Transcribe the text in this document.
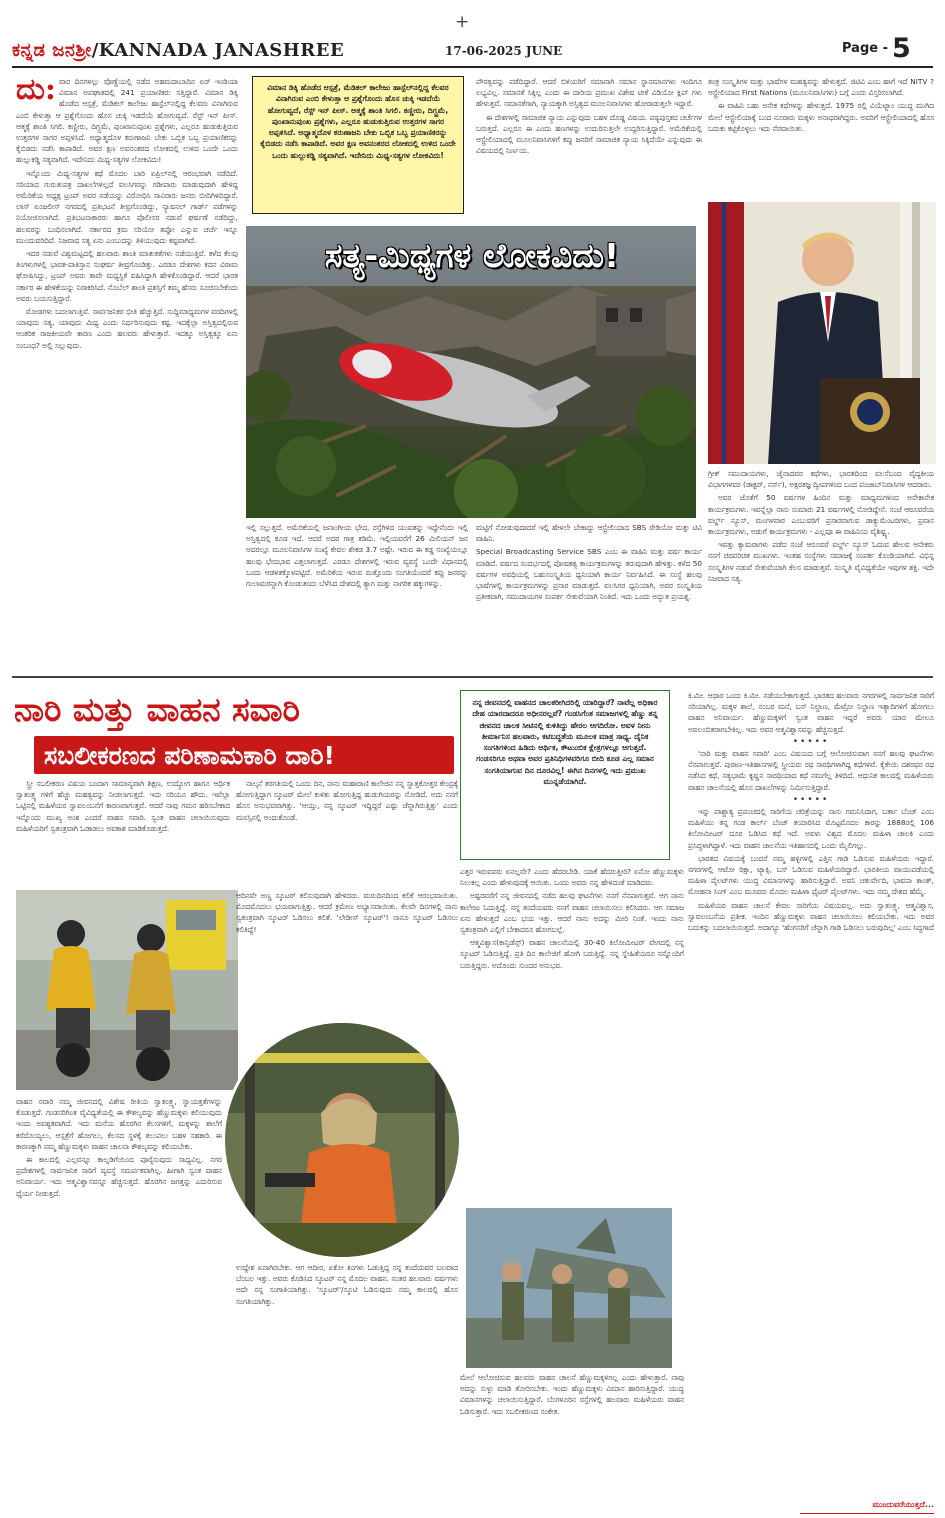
+
ಕನ್ನಡ ಜನಶ್ರೀ/KANNADA JANASHREE	17-06-2025 JUNE	Page - 5
ದು: ವಾರ ದಿನಗಳಲ್ಲು ವೊಣ್ಣೆಯಲ್ಲಿ ನಡೆದ ಅಹಮದಾಬಾದಿನ ಏರ್ ಇಂಡಿಯಾ ವಿಮಾನ ಅಪಘಾತದಲ್ಲಿ 241 ಪ್ರಯಾಣಿಕರು ಸತ್ತಿದ್ದಾರೆ. ವಿಮಾನ ಡಿಕ್ಕಿ ಹೊಡೆದ ಆಸ್ಪತ್ರೆ, ಮೆಡಿಕಲ್ ಕಾಲೇಜು ಹಾಸ್ಟೆಲ್‌ನಲ್ಲಿದ್ದ ಕೆಲವರು ವಿನಾಗಿರುವ ಎಂಬಿ ಕೇಳುತ್ತಾ ಆ ಪ್ರಶ್ನೆಗೊಂದು ಹೊಸ ಚುಕ್ಕಿ ಇಡದೆಯೆ ಹೋಗುವ್ವದೆ. ರೆಸ್ಟ್ ಇನ್ ಪೀಸ್. ಆತ್ಮಕ್ಕೆ ಶಾಂತಿ ಸಿಗಲಿ. ಕಣ್ಣೀರು, ದಿಗ್ಭ್ರಮೆ, ಪುಂಖಾನುಪುಂಖ ಪ್ರಶ್ನೆಗಳು, ಎಲ್ಲರೂ ಹುಡುಕುತ್ತಿರುವ ಉತ್ತರಗಳ ಸಾಗರ ಅಪ್ಪಳಿಸಿದೆ. ಅಧ್ಯಾತ್ಮದೊಳ ಕರುಣಾಜನಿ ಬೇಕು ಒಬ್ಬಿಕ ಒಬ್ಬ ಪ್ರಯಾಣಿಕರನ್ನು ಕೈಬಿಡದು ನಡೆಸಿ ಕಾಪಾಡಿದೆ. ಅವರ ಕ್ಷಣ ಅವನಂತರದ ಲೋಕದಲ್ಲಿ ಉಳಿದ ಒಂದೇ ಒಂದು ಹುಲ್ಲುಕಡ್ಡಿ ಸತ್ಯವಾಗಿದೆ. ಇದೇನಿದು ಮಿಥ್ಯ-ಸತ್ಯಗಳ ಲೋಕವಿದು!

ಇನ್ನೊಂದು ಮಿಥ್ಯ-ಸತ್ಯಗಳ ಕಥೆ ಮೊದಲ ಬಾರಿ ಏಪ್ರಿಲ್‌ನಲ್ಲಿ ಆರಂಭವಾಗಿ ನಡೆದಿದೆ. ಸರಿಯಾದ ಗುರುತುಪತ್ರ ದಾಖಲೆಗಳಿಲ್ಲದೆ ವಲಸಿಗರನ್ನು ಗಡೀಪಾರು ಮಾಡುವುದಾಗಿ ಹೇಳಿದ್ದ ಅಮೆರಿಕೆಯ ಅಧ್ಯಕ್ಷ ಟ್ರಂಪ್ ಅವರ ನಡೆಯನ್ನು ವಿರೋಧಿಸಿ ಸಾವಿರಾರು ಜನರು ಬೀದಿಗಿಳಿದಿದ್ದಾರೆ. ಲಾಸ್ ಏಂಜಲೀಸ್ ನಗರದಲ್ಲಿ ಪ್ರತಿಭಟನೆ ತೀವ್ರಗೊಂಡಿದ್ದು, ನ್ಯಾಷನಲ್ ಗಾರ್ಡ್ ಪಡೆಗಳನ್ನು ನಿಯೋಜಿಸಲಾಗಿದೆ. ಪ್ರತಿಭಟನಾಕಾರರು ಹಾಗೂ ಪೊಲೀಸರ ನಡುವೆ ಘರ್ಷಣೆ ನಡೆದಿದ್ದು, ಹಲವರನ್ನು ಬಂಧಿಸಲಾಗಿದೆ. ಸರ್ಕಾರದ ಕ್ರಮ ಸರಿಯೋ ತಪ್ಪೋ ಎನ್ನುವ ಚರ್ಚೆ ಇನ್ನೂ ಮುಂದುವರಿದಿದೆ. ನಿಜವಾದ ಸತ್ಯ ಏನು ಎಂಬುದನ್ನು ತಿಳಿಯುವುದು ಕಷ್ಟವಾಗಿದೆ.

ಇದರ ನಡುವೆ ವಿಶ್ವಮಟ್ಟದಲ್ಲಿ ಹಲವಾರು ಶಾಂತಿ ಮಾತುಕತೆಗಳು ನಡೆಯುತ್ತಿವೆ. ಕಳೆದ ಕೆಲವು ತಿಂಗಳುಗಳಲ್ಲಿ ಭಾರತ-ಪಾಕಿಸ್ತಾನ ಸಂಘರ್ಷ ತೀವ್ರಗೊಂಡಿತ್ತು. ಎರಡೂ ದೇಶಗಳು ಕದನ ವಿರಾಮ ಘೋಷಿಸಿದ್ದು, ಟ್ರಂಪ್ ಅವರು ತಾವೇ ಮಧ್ಯಸ್ಥಿಕೆ ವಹಿಸಿದ್ದಾಗಿ ಹೇಳಿಕೊಂಡಿದ್ದಾರೆ. ಆದರೆ ಭಾರತ ಸರ್ಕಾರ ಈ ಹೇಳಿಕೆಯನ್ನು ನಿರಾಕರಿಸಿದೆ. ನೊಬೆಲ್ ಶಾಂತಿ ಪ್ರಶಸ್ತಿಗೆ ತಮ್ಮ ಹೆಸರು ಸೂಚಿಸಬೇಕೆಂದು ಅವರು ಬಯಸುತ್ತಿದ್ದಾರೆ.

ಮೋಡಗಳು ಬದಲಾಗುತ್ತಿವೆ. ಸಾರ್ವಜನಿಕರ ಭೀತಿ ಹೆಚ್ಚುತ್ತಿದೆ. ಸುದ್ದಿಮಾಧ್ಯಮಗಳ ವರದಿಗಳಲ್ಲಿ ಯಾವುದು ಸತ್ಯ, ಯಾವುದು ಮಿಥ್ಯ ಎಂದು ನಿರ್ಧರಿಸುವುದು ಕಷ್ಟ. ಇದಕ್ಕೆಲ್ಲಾ ಅಸ್ತಿತ್ವದಲ್ಲಿರುವ ಆಂತರಿಕ ರಾಜಕೀಯವೇ ಕಾರಣ ಎಂದು ಹಲವರು ಹೇಳುತ್ತಾರೆ. ಇದಕ್ಕೂ ಅಸ್ತಿತ್ವಕ್ಕೂ ಏನು ಸಂಬಂಧ? ಅಲ್ಲಿ ಸಲ್ಲುವುದು.

ವಿಮಾನ ಡಿಕ್ಕಿ ಹೊಡೆದ ಆಸ್ಪತ್ರೆ, ಮೆಡಿಕಲ್ ಕಾಲೇಜು ಹಾಸ್ಟೆಲ್‌ನಲ್ಲಿದ್ದ ಕೆಲವರ ವಿನಾಗಿರುವ ಎಂಬಿ ಕೇಳುತ್ತಾ ಆ ಪ್ರಶ್ನೆಗೊಂದು ಹೊಸ ಚುಕ್ಕಿ ಇಡದೆಯೆ ಹೋಗುವ್ವದೆ, ರೆಸ್ಟ್ ಇನ್ ಪೀಸ್. ಆತ್ಮಕ್ಕೆ ಶಾಂತಿ ಸಿಗಲಿ. ಕಣ್ಣೀರು, ದಿಗ್ಭ್ರಮೆ, ಪುಂಖಾನುಪುಂಖ ಪ್ರಶ್ನೆಗಳು, ಎಲ್ಲರೂ ಹುಡುಕುತ್ತಿರುವ ಉತ್ತರಗಳ ಸಾಗರ ಅಪ್ಪಳಿಸಿದೆ. ಅಧ್ಯಾತ್ಮದೊಳ ಕರುಣಾಜನಿ ಬೇಕು ಒಬ್ಬಿಕ ಒಬ್ಬ ಪ್ರಯಾಣಿಕರನ್ನು ಕೈಬಿಡದು ನಡೆಸಿ ಕಾಪಾಡಿದೆ. ಅವರ ಕ್ಷಣ ಅವನಂತರದ ಲೋಕದಲ್ಲಿ ಉಳಿದ ಒಂದೇ ಒಂದು ಹುಲ್ಲುಕಡ್ಡಿ ಸತ್ಯವಾಗಿದೆ. ಇದೇನಿದು ಮಿಥ್ಯ-ಸತ್ಯಗಳ ಲೋಕವಿದು!

ಪೌರತ್ವವನ್ನು ಪಡೆದಿದ್ದಾರೆ. ಆದರೆ ಬಿಳಿಯರಿಗೆ ಸಮಾನಾಗಿ ಸಮಾನ ಸ್ಥಾನಮಾನಗಳು ಇಂದಿಗೂ ಲಭ್ಯವಿಲ್ಲ. ಸಮಾನತೆ ಸಿಕ್ಕಿಲ್ಲ ಎಂದು ಈ ದಾರಿಯ ಪ್ರಮುಖ ವಿಶೇಷ ಟೀಕೆ ವಿಡಿಯೋ ಕ್ಲಿಪ್ ಗಳು ಹೇಳುತ್ತವೆ. ಸಮಾನತೆಗಾಗಿ, ನ್ಯಾಯಕ್ಕಾಗಿ ಅಸ್ತಿತ್ವದ ಮೂಲನಿವಾಸಿಗಳು ಹೋರಾಡುತ್ತಲೇ ಇದ್ದಾರೆ.

ಈ ದೇಶಗಳಲ್ಲಿ ಸಾಮಾಜಿಕ ನ್ಯಾಯ ಎನ್ನುವುದು ಬಹಳ ದೊಡ್ಡ ವಿಷಯ. ಪಠ್ಯಪುಸ್ತಕದ ಚರ್ಚೆಗಳ ಬರುತ್ತದೆ. ಎಲ್ಲರೂ ಈ ಎಂದು ಹಣಗಳನ್ನು ಉದುರಿಸುತ್ತಲೇ ಉದ್ದರಿಸುತ್ತಿದ್ದಾರೆ. ಅಮೆರಿಕೆಯಲ್ಲಿ ಆಸ್ಟ್ರೇಲಿಯಾದಲ್ಲಿ ಮೂಲನಿವಾಸಿಗಳಿಗೆ ಕಪ್ಪು ಜನರಿಗೆ ಸಾಮಾಜಿಕ ನ್ಯಾಯ ಸಿಕ್ಕಿದೆಯೇ ಎನ್ನುವುದು ಈ ವಿಷಯದಲ್ಲಿ ನಿರ್ಣಯ.

ತಂತ್ರ ಸಂಸ್ಕೃತಿಗಳ ಮತ್ತು ಭಾಷೆಗಳ ಮಹತ್ವವನ್ನು ಹೇಳುತ್ತದೆ. ಜಿಟಿವಿ ಎಂಬ ಹಾಗೆ ಇದೆ NITV ? ಆಸ್ಟ್ರೇಲಿಯಾದ First Nations (ಮೂಲನಿವಾಸಿಗಳು) ಬಗ್ಗೆ ಎಂದು ವಿಸ್ತರಿಸಲಾಗಿದೆ.

ಈ ವಾಹಿನಿ ಬಹು ಅನೇಕ ಕಥೆಗಳನ್ನು ಹೇಳುತ್ತದೆ. 1975 ರಲ್ಲಿ ವಿಯೆಟ್ನಾಂ ಯುದ್ಧ ಮುಗಿದ ಮೇಲೆ ಆಸ್ಟ್ರೇಲಿಯಾಕ್ಕೆ ಬಂದ ನೂರಾರು ಮಕ್ಕಳು ಅನಾಥರಾಗಿದ್ದರು. ಅವರಿಗೆ ಆಸ್ಟ್ರೇಲಿಯಾದಲ್ಲಿ ಹೊಸ ಬದುಕು ಕಟ್ಟಿಕೊಳ್ಳಲು ಇದು ನೆರವಾಯಿತು.

ಸತ್ಯ-ಮಿಥ್ಯಗಳ ಲೋಕವಿದು!

ಗ್ರೀಕ್ ಸಮುದಾಯಗಳು, ಚೈನಾದವರ ಕಥೆಗಳು, ಭಾರತದಿಂದ ವಲಸೆಬಂದ ವೈದ್ಯಕೀಯ ವಿಭಾಗಗಳವರ (ಡಾಕ್ಟರ್, ನರ್ಸ್), ಅಕ್ಷರತಜ್ಞ ದ್ವೀಪಗಳಿಂದ ಬಂದ ಪಂಜಾಬ್‌ನಿವಾಸಿಗಳ ಆದರಾರು.

ಅವರ ಜೊತೆಗೆ 50 ವರ್ಷಗಳ ಹಿಂದಿನ ಮತ್ತು ಮಾಧ್ಯಮಗಳಿಂದ ಅನೇಕಾನೇಕ ಕಾರ್ಯಕ್ರಮಗಳು. ಇವನ್ನೆಲ್ಲಾ ನಾನು ಸುಮಾರು 21 ವರ್ಷಗಳಲ್ಲಿ ನೋಡಿದ್ದೇನೆ. ಸಂಜೆ ಆರೂವರೆಯ ವರ್ಲ್ಡ್ ನ್ಯೂಸ್, ಮಂಗಳವಾರ ಎಂಬುವರಿಗೆ ಪ್ರಸಾರವಾಗುವ ಡಾಕ್ಯುಮೆಂಟರಿಗಳು, ಪ್ರವಾಸ ಕಾರ್ಯಕ್ರಮಗಳು, ಅಡುಗೆ ಕಾರ್ಯಕ್ರಮಗಳು - ಎಲ್ಲವೂ ಈ ವಾಹಿನಿಯ ವೈಶಿಷ್ಟ್ಯ.

ಇವತ್ತು ಕ್ಯಾಮರಾಗಳು ಪಡೆದ ಸಂಜೆ ಆರೂವರೆ ವರ್ಲ್ಡ್ ನ್ಯೂಸ್ ಓದುವ ಹೇಲವ ಆನೇಕರು ನನಗೆ ಚಿರಪರಿಚಿತ ಮುಖಗಳು. ಇಂತಹ ಸಂಸ್ಥೆಗಳು ಸಮಾಜಕ್ಕೆ ಸಂಪರ್ಕ ಕೊಂಡಿಯಾಗಿವೆ. ವಿಭಿನ್ನ ಸಂಸ್ಕೃತಿಗಳ ನಡುವೆ ಸೇತುವೆಯಾಗಿ ಕೆಲಸ ಮಾಡುತ್ತವೆ. ಸಂಸ್ಕೃತಿ ವೈವಿಧ್ಯತೆಯೇ ಇವುಗಳ ಶಕ್ತಿ. ಇದೇ ನಿಜವಾದ ಸತ್ಯ.

ಇಲ್ಲಿ ಸಲ್ಲುತ್ತದೆ. ಅಮೆರಿಕೆಯಲ್ಲಿ ಜನಾಂಗೀಯ ಭೇದ, ರಸ್ತೆಗಿಳಿದ ಯುವತನ್ನು ಇದ್ದೇನೆಂದು ಇಲ್ಲಿ ಅಸ್ತಿತ್ವದಲ್ಲಿ ಕೂಡ ಇದೆ. ಆದರೆ ಅದರ ಗಾತ್ರ ಕಡಿಮೆ. ಇಲ್ಲಿಯವರೆಗೆ 26 ಮಿಲಿಯನ್ ಜನ ಅದರಲ್ಲೂ ಮೂಲನಿವಾಸಿಗಳ ಸಂಖ್ಯೆ ಕೇವಲ ಶೇಕಡ 3.7 ಅಷ್ಟೇ. ಇರುವ ಈ ಕಡ್ಡ ಸಂಖ್ಯೆಯಲ್ಲೂ ಹಲವು ಭೇದಭಾವ ಎತ್ತಲಾಗುತ್ತದೆ. ಎರಡೂ ದೇಶಗಳಲ್ಲಿ ಇರುವ ವ್ಯವಸ್ಥೆ ಒಂದೇ ವಿಧಾನದಲ್ಲಿ ಬಂದು ಆಡಳಿತಕ್ಕೊಳಪಟ್ಟಿದೆ. ಅಮೆರಿಕೆಯ ಇರುವ ಮತ್ತೊಂದು ಸಂಗತಿಯೆಂದರೆ ಕಪ್ಪು ಜನರನ್ನು ಗುಲಾಮರನ್ನಾಗಿ ಕೊಂಡುತಂದು ಬೆಳೆಸಿದ ದೇಶದಲ್ಲಿ ತ್ಯಾಗ ಮತ್ತು ನಾಗರಿಕ ಹಕ್ಕುಗಳನ್ನು.

ಮಟ್ಟಿಗೆ ನೋಡುವುದಾದರೆ ಇಲ್ಲಿ ಹೇಳಲೇ ಬೇಕಾದ್ದು ಆಸ್ಟ್ರೇಲಿಯಾದ SBS ರೇಡಿಯೋ ಮತ್ತು ಟಿವಿ ವಾಹಿನಿ.

Special Broadcasting Service SBS ಎಂಬ ಈ ವಾಹಿನಿ ಮತ್ತು ವರ್ಷ ಕಾರ್ಯ ಮಾಡಿದೆ. ವರ್ಷದ ಸಂದರ್ಭದಲ್ಲಿ ಪೋಷಕತ್ವ ಕಾರ್ಯಕ್ರಮಗಳನ್ನು ತರುವುದಾಗಿ ಹೇಳಿತ್ತು. ಕಳೆದ 50 ವರ್ಷಗಳ ಅವಧಿಯಲ್ಲಿ ಬಹುಸಂಸ್ಕೃತಿಯ ಧ್ವನಿಯಾಗಿ ಕಾರ್ಯ ನಿರ್ವಹಿಸಿದೆ. ಈ ಸಂಸ್ಥೆ ಹಲವು ಭಾಷೆಗಳಲ್ಲಿ ಕಾರ್ಯಕ್ರಮಗಳನ್ನು ಪ್ರಸಾರ ಮಾಡುತ್ತದೆ. ವಲಸಿಗರ ಧ್ವನಿಯಾಗಿ, ಅವರ ಸಂಸ್ಕೃತಿಯ ಪ್ರತೀಕವಾಗಿ, ಸಮುದಾಯಗಳ ಸಂಪರ್ಕ ಸೇತುವೆಯಾಗಿ ನಿಂತಿದೆ. ಇದು ಒಂದು ಅದ್ಭುತ ಪ್ರಯತ್ನ.

ನಾರಿ ಮತ್ತು ವಾಹನ ಸವಾರಿ
ಸಬಲೀಕರಣದ ಪರಿಣಾಮಕಾರಿ ದಾರಿ!
ನನ್ನ ಜೀವನದಲ್ಲಿ ವಾಹನದ ಚಾಲಕರೀಗಿದರಿಲ್ಲಿ ಯಾರಿದ್ದಾರೆ? ನಾವೆಲ್ಲ ಅಧಿಕಾರ ದೇಹ ಯಾರದಾದರೂ ಅಧೀನರಲ್ಲವೆ? ಗಂಡಸಿಗೆಂತ ಸಮಾಜಗಳಲ್ಲಿ ಹೆಣ್ಣು ತನ್ನ ಜೀವನದ ಚಾಲಕ ಸೀಟಿನಲ್ಲಿ ಕುಳಿತಿದ್ದು ಹೇರಲ ಆಗದಿರೋ. ಅವಳ ನೀನು ತೀರ್ಮಾನಿಸ ಹಲವಾರು, ಕಟಿಬದ್ಧತೆಯ ಮೂಲಕ ಮಾತ್ರ ಸಾಧ್ಯ. ದೈನಿಕ ಸಂಗತಿಗಳಿಂದ ಹಿಡಿದು ಆರ್ಥಿಕ, ಕೌಟುಂಬಿಕ ಕ್ಷೇತ್ರಗಳಲ್ಲೂ ಆಗುತ್ತದೆ. ಗಂಡಸರಿಗೂ ಅಥವಾ ಅವರ ಪ್ರತಿನಿಧಿಗಳವರಿಗೂ ಬೀದಿ ಕೂಡ ಎಲ್ಲ ಸಮಾನ ಸಂಗತಿಯಾಗುವ ದಿನ ದೂರವಿಲ್ಲ! ಈಗಿನ ದಿನಗಳಲ್ಲಿ ಇದು ಪ್ರಮುಖ ಮುನ್ನಡೆಯಾಗಿದೆ.

ಸ್ತ್ರೀ ಸಬಲೀಕರಣ ವಿಷಯ ಬಂದಾಗ ಸಾಮಾನ್ಯವಾಗಿ ಶಿಕ್ಷಣ, ಉದ್ಯೋಗ ಹಾಗೂ ಆರ್ಥಿಕ ಸ್ವಾತಂತ್ರ್ಯ ಗಳಿಗೆ ಹೆಚ್ಚು ಮಹತ್ವವನ್ನು ನೀಡಲಾಗುತ್ತದೆ. ಇದು ಸರಿಯೂ ಹೌದು. ಇವೆಲ್ಲಾ ಒಟ್ಟಿನಲ್ಲಿ ಮಹಿಳೆಯರ ಸ್ವಾವಲಂಬನೆಗೆ ಕಾರಣವಾಗುತ್ತವೆ. ಆದರೆ ನಾವು ಗಮನ ಹರಿಸಬೇಕಾದ ಇನ್ನೊಂದು ಮುಖ್ಯ ಅಂಶ ಎಂದರೆ ವಾಹನ ಸವಾರಿ. ಸ್ವಂತ ವಾಹನ ಚಲಾಯಿಸುವುದು ಮಹಿಳೆಯರಿಗೆ ಸ್ವತಂತ್ರವಾಗಿ ಓಡಾಡಲು ಅವಕಾಶ ಮಾಡಿಕೊಡುತ್ತದೆ.

ನಾಲ್ಕನೆ ತರಗತಿಯಲ್ಲಿ ಒಂದು ದಿನ, ನಾನು ಮಹಾರಾಣಿ ಕಾಲೇಜಿನ ನನ್ನ ಸ್ನಾತ್ತಕೋತ್ತರ ಕೇಂದ್ರಕ್ಕೆ ಹೋಗುತ್ತಿದ್ದಾಗ ಸ್ಕೂಟರ್ ಮೇಲೆ ಕುಳಿತು ಹೋಗುತ್ತಿದ್ದ ಹುಡುಗಿಯರನ್ನು ನೋಡಿದೆ. ಅದು ನನಗೆ ಹೊಸ ಅನುಭವವಾಗಿತ್ತು. 'ಆಯ್ತು, ನನ್ನ ಸ್ಕೂಟರ್ ಇದ್ದಿದ್ದರೆ ಎಷ್ಟು ಚೆನ್ನಾಗಿರುತ್ತಿತ್ತು' ಎಂದು ಮನಸ್ಸಿನಲ್ಲಿ ಅಂದುಕೊಂಡೆ.

ವಾಹನ ಸವಾರಿ ನಮ್ಮ ಜೀವನದಲ್ಲಿ ವಿಶೇಷ ರೀತಿಯ ಸ್ವಾತಂತ್ರ್ಯ, ಸ್ವಾಯತ್ತತೆಗಳನ್ನು ಕೊಡುತ್ತದೆ. ಗಂಡಸರಿಗಿಂತ ವೈವಿಧ್ಯತೆಯಲ್ಲಿ ಈ ಕೌಶಲ್ಯವನ್ನು ಹೆಣ್ಣುಮಕ್ಕಳು ಕಲಿಯುವುದು ಇಂದು ಅವಶ್ಯಕವಾಗಿದೆ. ಇದು ಮನೆಯ ಹೊರಗಿನ ಕೆಲಸಗಳಿಗೆ, ಮಕ್ಕಳನ್ನು ಶಾಲೆಗೆ ಕರೆದೊಯ್ಯಲು, ಆಸ್ಪತ್ರೆಗೆ ಹೋಗಲು, ಕೆಲಸದ ಸ್ಥಳಕ್ಕೆ ತಲುಪಲು ಬಹಳ ಸಹಕಾರಿ. ಈ ಕಾರಣಕ್ಕಾಗಿ ನಮ್ಮ ಹೆಣ್ಣುಮಕ್ಕಳು ವಾಹನ ಚಾಲನಾ ಕೌಶಲ್ಯವನ್ನು ಕಲಿಯಬೇಕು.

ಈ ಕಾಲದಲ್ಲಿ ಎಲ್ಲವನ್ನೂ ಕಾಲ್ನಡಿಗೆಯಿಂದ ಪೂರೈಸುವುದು ಸಾಧ್ಯವಿಲ್ಲ. ನಗರ ಪ್ರದೇಶಗಳಲ್ಲಿ ಸಾರ್ವಜನಿಕ ಸಾರಿಗೆ ವ್ಯವಸ್ಥೆ ಸಮರ್ಪಕವಾಗಿಲ್ಲ. ಹೀಗಾಗಿ ಸ್ವಂತ ವಾಹನ ಅನಿವಾರ್ಯ. ಇದು ಆತ್ಮವಿಶ್ವಾಸವನ್ನೂ ಹೆಚ್ಚಿಸುತ್ತದೆ. ಹೊರಗಿನ ಜಗತ್ತನ್ನು ಎದುರಿಸುವ ಧೈರ್ಯ ನೀಡುತ್ತದೆ.

ಆದಿನವೇ ಅಣ್ಣ ಸ್ಕೂಟರ್ ಕಲಿಸುವುದಾಗಿ ಹೇಳಿದರು. ಮರುದಿನದಿಂದ ಕಲಿಕೆ ಆರಂಭವಾಯಿತು. ಮೊದಮೊದಲು ಭಯವಾಗುತ್ತಿತ್ತು. ಆದರೆ ಕ್ರಮೇಣ ಅಭ್ಯಾಸವಾಯಿತು. ಕೆಲವೇ ದಿನಗಳಲ್ಲಿ ನಾನು ಸ್ವತಂತ್ರವಾಗಿ ಸ್ಕೂಟರ್ ಓಡಿಸಲು ಕಲಿತೆ. 'ಲೇಡೀಸ್ ಸ್ಕೂಟರ್'! ನಾನೂ ಸ್ಕೂಟರ್ ಓಡಿಸಲು ಕಲಿತಿದ್ದೆ!

ಉದ್ದೇಶ ಏನಾಗಿರಬೇಕು. ಆಗ ಆದೀರ, ಏಕೋ ತಿಂಗಳು ಓಡುತ್ತಿದ್ದ ನನ್ನ ತಂದೆಯವರ ಬಲವಾದ ಬೆಂಬಲ ಇತ್ತು. ಅವರು ಕೊಡಿಸಿದ ಸ್ಕೂಟರ್ ನನ್ನ ಮೊದಲ ವಾಹನ. ನಂತರ ಹಲವಾರು ವರ್ಷಗಳು ಅದೇ ನನ್ನ ಸಂಗಾತಿಯಾಗಿತ್ತು. 'ಸ್ಕೂಟರ್'/ಸ್ಕೂಟಿ ಓಡಿಸುವುದು ನಮ್ಮ ಕಾಲದಲ್ಲಿ ಹೊಸ ಸಂಗತಿಯಾಗಿತ್ತು.

ಎತ್ತರ ಇರುವವರು ಏನಲ್ಲವೇ? ಎಂದು ಹೆದರಬೇಡಿ. ಯಾಕೆ ಹೆದರುತ್ತೀರಿ? ಏನೋ ಹೆಣ್ಣುಮಕ್ಕಳು ನಿಲುಕಲ್ಲ ಎಂದು ಹೇಳುವುದಕ್ಕೆ ಆಯಿತು. ಒಂದು ಅವರು ನನ್ನ ಹೇಳಿದಂತೆ ಮಾಡಿದರು.

ಅಷ್ಟರವರೆಗೆ ನನ್ನ ಜೀವನದಲ್ಲಿ ನಡೆದ ಹಲವು ಘಟನೆಗಳು ನನಗೆ ನೆನಪಾಗುತ್ತವೆ. ಆಗ ನಾನು ಕಾಲೇಜು ಓದುತ್ತಿದ್ದೆ. ನನ್ನ ತಂದೆಯವರು ನನಗೆ ವಾಹನ ಚಲಾಯಿಸಲು ಕಲಿಸಿದರು. ಆಗ ಸಮಾಜ ಏನು ಹೇಳುತ್ತದೆ ಎಂಬ ಭಯ ಇತ್ತು. ಆದರೆ ನಾನು ಅದನ್ನು ಮೀರಿ ನಿಂತೆ. ಇಂದು ನಾನು ಸ್ವತಂತ್ರವಾಗಿ ಎಲ್ಲಿಗೆ ಬೇಕಾದರೂ ಹೋಗಬಲ್ಲೆ.

ಆತ್ಮವಿಶ್ವಾಸ(ಕಾನ್ಫಿಡೆನ್ಸ್) ವಾಹನ ಚಾಲನೆಯಲ್ಲಿ 30-40 ಕಿಲೋಮೀಟರ್ ವೇಗದಲ್ಲಿ ನನ್ನ ಸ್ಕೂಟರ್ ಓಡಿಸುತ್ತಿದ್ದೆ. ಪ್ರತಿ ದಿನ ಕಾಲೇಜಿಗೆ ಹೋಗಿ ಬರುತ್ತಿದ್ದೆ. ನನ್ನ ಸ್ನೇಹಿತೆಯರೂ ನನ್ನೊಂದಿಗೆ ಬರುತ್ತಿದ್ದರು. ಅದೊಂದು ಸುಂದರ ಅನುಭವ.

ಮೇಲೆ ಆಲೋಚಿಸುವ ಹಲವರು ವಾಹನ ಚಾಲನೆ ಹೆಣ್ಣುಮಕ್ಕಳಿಗಲ್ಲ ಎಂದು ಹೇಳುತ್ತಾರೆ. ನಾವು ಅದನ್ನು ಸುಳ್ಳು ಮಾಡಿ ತೋರಿಸಬೇಕು. ಇಂದು ಹೆಣ್ಣುಮಕ್ಕಳು ವಿಮಾನ ಹಾರಿಸುತ್ತಿದ್ದಾರೆ. ಯುದ್ಧ ವಿಮಾನಗಳನ್ನು ಚಲಾಯಿಸುತ್ತಿದ್ದಾರೆ. ಬೆಂಗಳೂರಿನ ರಸ್ತೆಗಳಲ್ಲಿ ಹಲವಾರು ಮಹಿಳೆಯರು ವಾಹನ ಓಡಿಸುತ್ತಾರೆ. ಇದು ಸಬಲೀಕರಣದ ಸಂಕೇತ.

ಕಿ.ಮೀ. ಆಧಾರ ಒಂದು ಕಿ.ಮೀ. ನಡೆಯಬೇಕಾಗುತ್ತದೆ. ಭಾರತದ ಹಲವಾರು ನಗರಗಳಲ್ಲಿ ಸಾರ್ವಜನಿಕ ಸಾರಿಗೆ ಸರಿಯಾಗಿಲ್ಲ. ಮಕ್ಕಳ ಶಾಲೆ, ನಂಬರ ಮನೆ, ಬಸ್ ನಿಲ್ದಾಣ, ಮೆಟ್ರೋ ನಿಲ್ದಾಣ ಇತ್ಯಾದಿಗಳಿಗೆ ಹೋಗಲು ವಾಹನ ಅನಿವಾರ್ಯ. ಹೆಣ್ಣುಮಕ್ಕಳಿಗೆ ಸ್ವಂತ ವಾಹನ ಇದ್ದರೆ ಅವರು ಯಾರ ಮೇಲೂ ಅವಲಂಬಿತರಾಗಬೇಕಿಲ್ಲ. ಇದು ಅವರ ಆತ್ಮವಿಶ್ವಾಸವನ್ನು ಹೆಚ್ಚಿಸುತ್ತದೆ.

•••••

'ನಾರಿ ಮತ್ತು ವಾಹನ ಸವಾರಿ' ಎಂಬ ವಿಷಯದ ಬಗ್ಗೆ ಆಲೋಚಿಸುವಾಗ ನನಗೆ ಹಲವು ಘಟನೆಗಳು ನೆನಪಾಗುತ್ತವೆ. ಪುರಾಣ-ಇತಿಹಾಸಗಳಲ್ಲಿ ಸ್ತ್ರೀಯರು ರಥ ಸಾರಥಿಗಳಾಗಿದ್ದ ಕಥೆಗಳಿವೆ. ಕೈಕೇಯಿ ದಶರಥನ ರಥ ನಡೆಸಿದ ಕಥೆ, ಸತ್ಯಭಾಮೆ ಕೃಷ್ಣನ ಸಾರಥಿಯಾದ ಕಥೆ ನಮಗೆಲ್ಲ ತಿಳಿದಿದೆ. ಆಧುನಿಕ ಕಾಲದಲ್ಲಿ ಮಹಿಳೆಯರು ವಾಹನ ಚಾಲನೆಯಲ್ಲಿ ಹೊಸ ದಾಖಲೆಗಳನ್ನು ನಿರ್ಮಿಸುತ್ತಿದ್ದಾರೆ.

•••••

ಇನ್ನು ಪಾಶ್ಚಾತ್ಯ ಪ್ರಪಂಚದಲ್ಲಿ ಸಾರಿಗೆಯ ಚರಿತ್ರೆಯನ್ನು ನಾನು ಗಮನಿಸಿದಾಗ, ಬರ್ತಾ ಬೆಂಜ್ ಎಂಬ ಮಹಿಳೆಯು ತನ್ನ ಗಂಡ ಕಾರ್ಲ್ ಬೆಂಜ್ ತಯಾರಿಸಿದ ಮೊಟ್ಟಮೊದಲ ಕಾರನ್ನು 1888ರಲ್ಲಿ 106 ಕಿಲೋಮೀಟರ್ ದೂರ ಓಡಿಸಿದ ಕಥೆ ಇದೆ. ಅವಳು ವಿಶ್ವದ ಮೊದಲ ಮಹಿಳಾ ಚಾಲಕಿ ಎಂದು ಪ್ರಸಿದ್ಧಳಾಗಿದ್ದಾಳೆ. ಇದು ವಾಹನ ಚಾಲನೆಯ ಇತಿಹಾಸದಲ್ಲಿ ಒಂದು ಮೈಲಿಗಲ್ಲು.

ಭಾರತದ ವಿಷಯಕ್ಕೆ ಬಂದರೆ ನಮ್ಮ ಹಳ್ಳಿಗಳಲ್ಲಿ ಎತ್ತಿನ ಗಾಡಿ ಓಡಿಸುವ ಮಹಿಳೆಯರು ಇದ್ದಾರೆ. ನಗರಗಳಲ್ಲಿ ಆಟೋ ರಿಕ್ಷಾ, ಟ್ಯಾಕ್ಸಿ, ಬಸ್ ಓಡಿಸುವ ಮಹಿಳೆಯರಿದ್ದಾರೆ. ಭಾರತೀಯ ವಾಯುಪಡೆಯಲ್ಲಿ ಮಹಿಳಾ ಪೈಲಟ್‌ಗಳು ಯುದ್ಧ ವಿಮಾನಗಳನ್ನು ಹಾರಿಸುತ್ತಿದ್ದಾರೆ. ಅವನಿ ಚತುರ್ವೇದಿ, ಭಾವನಾ ಕಾಂತ್, ಮೋಹನಾ ಸಿಂಗ್ ಎಂಬ ಮೂವರು ಮೊದಲ ಮಹಿಳಾ ಫೈಟರ್ ಪೈಲಟ್‌ಗಳು. ಇದು ನಮ್ಮ ದೇಶದ ಹೆಮ್ಮೆ.

ಮಹಿಳೆಯರ ವಾಹನ ಚಾಲನೆ ಕೇವಲ ಸಾರಿಗೆಯ ವಿಷಯವಲ್ಲ. ಅದು ಸ್ವಾತಂತ್ರ್ಯ, ಆತ್ಮವಿಶ್ವಾಸ, ಸ್ವಾವಲಂಬನೆಯ ಪ್ರತೀಕ. ಇಂದಿನ ಹೆಣ್ಣುಮಕ್ಕಳು ವಾಹನ ಚಲಾಯಿಸಲು ಕಲಿಯಬೇಕು. ಇದು ಅವರ ಬದುಕನ್ನು ಬದಲಾಯಿಸುತ್ತದೆ. ಅದಾಗ್ಯೂ 'ಹೆಂಗಸರಿಗೆ ಚೆನ್ನಾಗಿ ಗಾಡಿ ಓಡಿಸಲು ಬರುವುದಿಲ್ಲ' ಎಂಬ ಸಿದ್ಧಗಾದೆ

ಮುಂದುವರೆಯುತ್ತದೆ...
